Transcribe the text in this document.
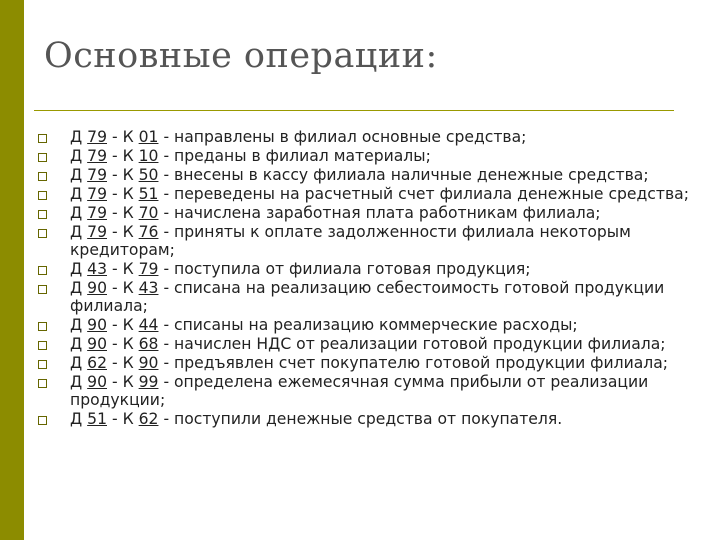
Основные операции:
Д 79 - К 01 - направлены в филиал основные средства;
Д 79 - К 10 - преданы в филиал материалы;
Д 79 - К 50 - внесены в кассу филиала наличные денежные средства;
Д 79 - К 51 - переведены на расчетный счет филиала денежные средства;
Д 79 - К 70 - начислена заработная плата работникам филиала;
Д 79 - К 76 - приняты к оплате задолженности филиала некоторым кредиторам;
Д 43 - К 79 - поступила от филиала готовая продукция;
Д 90 - К 43 - списана на реализацию себестоимость готовой продукции филиала;
Д 90 - К 44 - списаны на реализацию коммерческие расходы;
Д 90 - К 68 - начислен НДС от реализации готовой продукции филиала;
Д 62 - К 90 - предъявлен счет покупателю готовой продукции филиала;
Д 90 - К 99 - определена ежемесячная сумма прибыли от реализации продукции;
Д 51 - К 62 - поступили денежные средства от покупателя.
